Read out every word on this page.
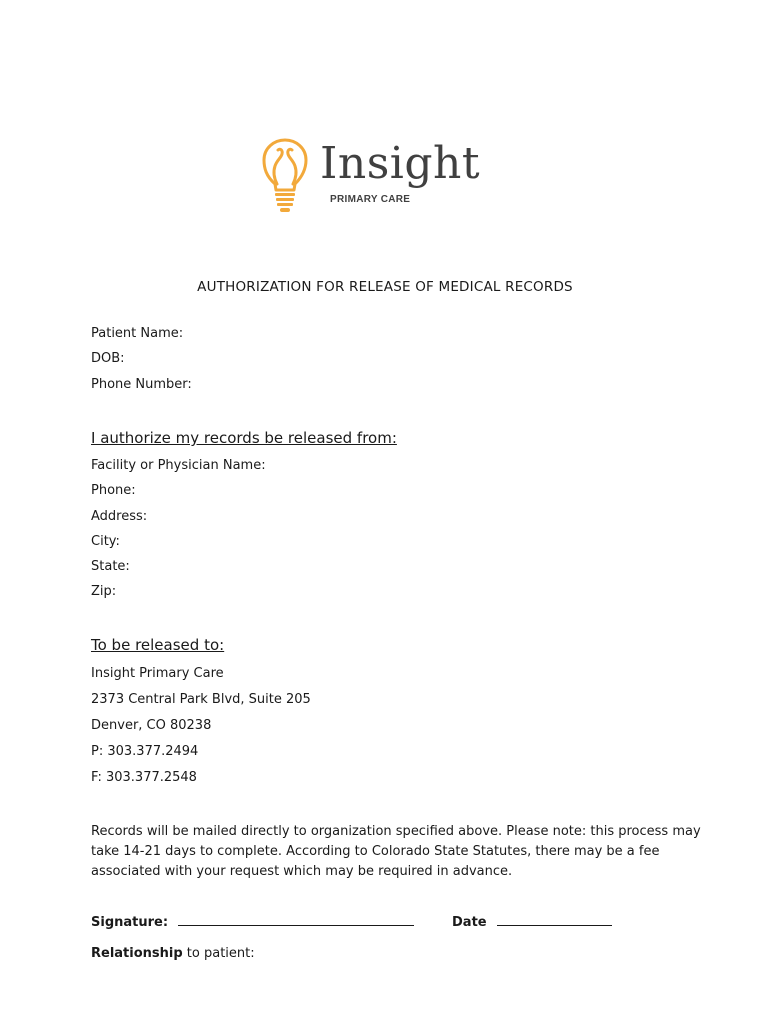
Insight
PRIMARY CARE
AUTHORIZATION FOR RELEASE OF MEDICAL RECORDS
Patient Name:
DOB:
Phone Number:
I authorize my records be released from:
Facility or Physician Name:
Phone:
Address:
City:
State:
Zip:
To be released to:
Insight Primary Care
2373 Central Park Blvd, Suite 205
Denver, CO 80238
P: 303.377.2494
F: 303.377.2548
Records will be mailed directly to organization specified above. Please note: this process may
take 14-21 days to complete. According to Colorado State Statutes, there may be a fee
associated with your request which may be required in advance.
Signature:	Date
Relationship to patient:
